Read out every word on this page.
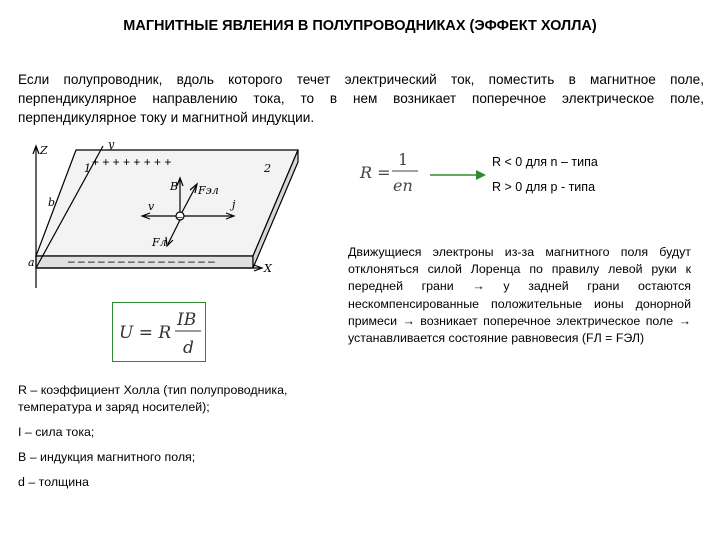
МАГНИТНЫЕ ЯВЛЕНИЯ В ПОЛУПРОВОДНИКАХ (ЭФФЕКТ ХОЛЛА)
Если полупроводник, вдоль которого течет электрический ток, поместить в магнитное поле, перпендикулярное направлению тока, то в нем возникает поперечное электрическое поле, перпендикулярное току и магнитной индукции.
Z	y
X
b
a
1	2
B Fэл
v	j
Fл
+ + + + + + + +
– – – – – – – – – – – – – – –
–
R =
1
en
R < 0 для n – типа
R > 0 для р - типа
Движущиеся электроны из-за магнитного поля будут отклоняться силой Лоренца по правилу левой руки к передней грани → у задней грани остаются нескомпенсированные положительные ионы донорной примеси → возникает поперечное электрическое поле → устанавливается состояние равновесия (FЛ = FЭЛ)
U = R
IB
d

R – коэффициент Холла (тип полупроводника, температура и заряд носителей);

I – сила тока;

B – индукция магнитного поля;

d – толщина
